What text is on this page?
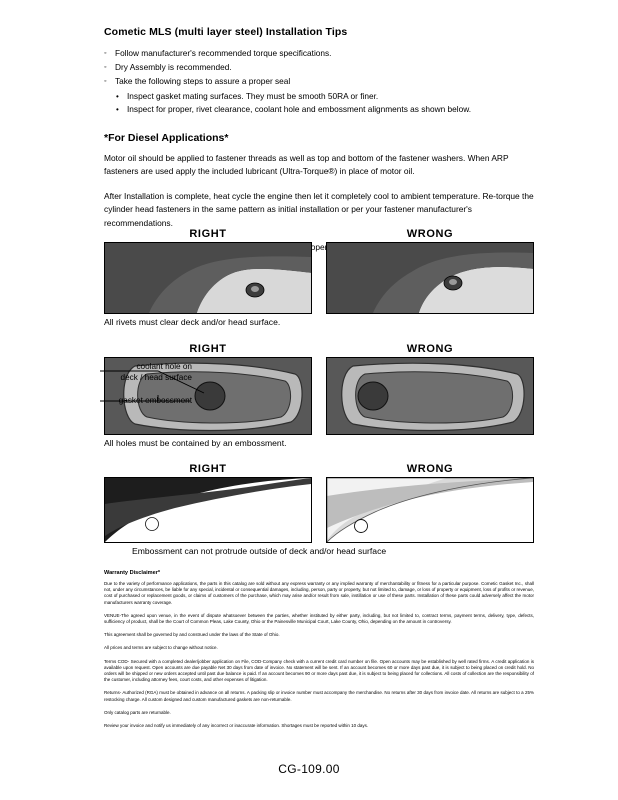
Cometic MLS (multi layer steel) Installation Tips
◦ Follow manufacturer's recommended torque specifications.
◦ Dry Assembly is recommended.
◦ Take the following steps to assure a proper seal
• Inspect gasket mating surfaces. They must be smooth 50RA or finer.
• Inspect for proper, rivet clearance, coolant hole and embossment alignments as shown below.
*For Diesel Applications*

Motor oil should be applied to fastener threads as well as top and bottom of the fastener washers. When ARP fasteners are used apply the included lubricant (Ultra-Torque®) in place of motor oil.

After Installation is complete, heat cycle the engine then let it completely cool to ambient temperature. Re-torque the cylinder head fasteners in the same pattern as initial installation or per your fastener manufacturer's recommendations.

proper

RIGHT	WRONG
All rivets must clear deck and/or head surface.
RIGHT	WRONG
All holes must be contained by an embossment.
coolant hole on
deck / head surface
gasket embossment
RIGHT	WRONG
Embossment can not protrude outside of deck and/or head surface
Warranty Disclaimer*

Due to the variety of performance applications, the parts in this catalog are sold without any express warranty or any implied warranty of merchantability or fitness for a particular purpose. Cometic Gasket Inc., shall not, under any circumstances, be liable for any special, incidental or consequential damages, including, person, party or property, but not limited to, damage, or loss of property or equipment, loss of profits or revenue, cost of purchased or replacement goods, or claims of customers of the purchase, which may arise and/or result from sale, instillation or use of these parts. Installation of these parts could adversely affect the motor manufacturers warranty coverage.

VENUE-The agreed upon venue, in the event of dispute whatsoever between the parties, whether instituted by either party, including, but not limited to, contract terms, payment terms, delivery, type, defects, sufficiency of product, shall be the Court of Common Pleas, Lake County, Ohio or the Painesville Municipal Court, Lake County, Ohio, depending on the amount in controversy.

This agreement shall be governed by and construed under the laws of the State of Ohio.

All prices and terms are subject to change without notice.

Terms COD- Secured with a completed dealer/jobber application on File, COD-Company check with a current credit card number on file. Open accounts may be established by well rated firms. A credit application is available upon request. Open accounts are due payable Net 30 days from date of invoice. No statement will be sent. If an account becomes 60 or more days past due, it is subject to being placed on credit hold. No orders will be shipped or new orders accepted until past due balance is paid. If an account becomes 90 or more days past due, it is subject to being placed for collections. All costs of collection are the responsibility of the customer, including attorney fees, court costs, and other expenses of litigation.

Returns- Authorized (RGA) must be obtained in advance on all returns. A packing slip or invoice number must accompany the merchandise. No returns after 30 days from invoice date. All returns are subject to a 25% restocking charge. All custom designed and custom manufactured gaskets are non-returnable.

Only catalog parts are returnable.

Review your invoice and notify us immediately of any incorrect or inaccurate information. Shortages must be reported within 10 days.

CG-109.00
